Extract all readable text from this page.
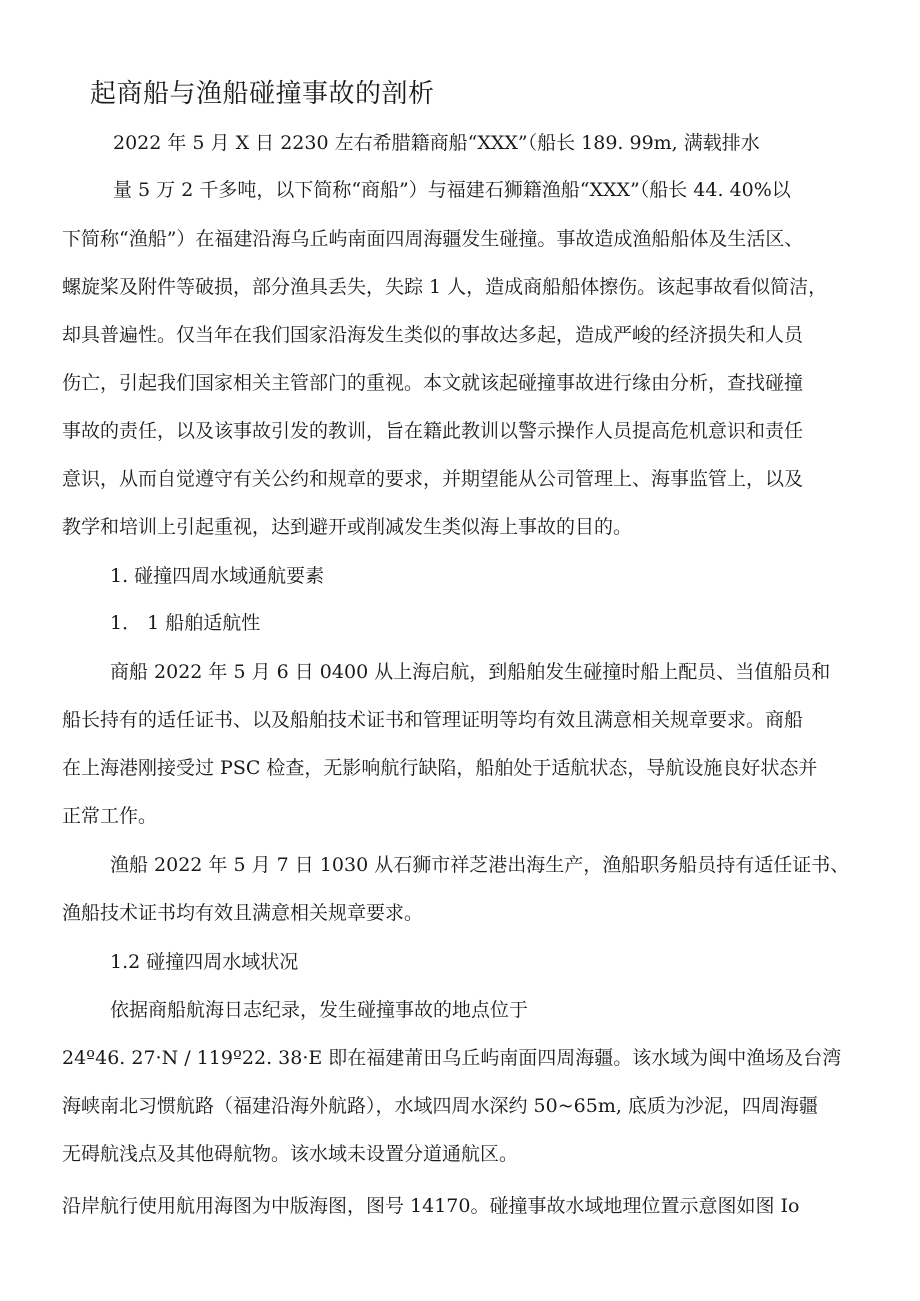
起商船与渔船碰撞事故的剖析
2022 年 5 月 X 日 2230 左右希腊籍商船“XXX”（船长 189. 99m, 满载排水
量 5 万 2 千多吨，以下简称“商船”）与福建石狮籍渔船“XXX”（船长 44. 40%以
下简称“渔船”）在福建沿海乌丘屿南面四周海疆发生碰撞。事故造成渔船船体及生活区、
螺旋桨及附件等破损，部分渔具丢失，失踪 1 人，造成商船船体擦伤。该起事故看似简洁，
却具普遍性。仅当年在我们国家沿海发生类似的事故达多起，造成严峻的经济损失和人员
伤亡，引起我们国家相关主管部门的重视。本文就该起碰撞事故进行缘由分析，查找碰撞
事故的责任，以及该事故引发的教训，旨在籍此教训以警示操作人员提高危机意识和责任
意识，从而自觉遵守有关公约和规章的要求，并期望能从公司管理上、海事监管上，以及
教学和培训上引起重视，达到避开或削减发生类似海上事故的目的。
1. 碰撞四周水域通航要素
1． 1 船舶适航性
商船 2022 年 5 月 6 日 0400 从上海启航，到船舶发生碰撞时船上配员、当值船员和
船长持有的适任证书、以及船舶技术证书和管理证明等均有效且满意相关规章要求。商船
在上海港刚接受过 PSC 检查，无影响航行缺陷，船舶处于适航状态，导航设施良好状态并
正常工作。
渔船 2022 年 5 月 7 日 1030 从石狮市祥芝港出海生产，渔船职务船员持有适任证书、
渔船技术证书均有效且满意相关规章要求。
1.2 碰撞四周水域状况
依据商船航海日志纪录，发生碰撞事故的地点位于
24º46. 27·N / 119º22. 38·E 即在福建莆田乌丘屿南面四周海疆。该水域为闽中渔场及台湾
海峡南北习惯航路（福建沿海外航路），水域四周水深约 50~65m, 底质为沙泥，四周海疆
无碍航浅点及其他碍航物。该水域未设置分道通航区。
沿岸航行使用航用海图为中版海图，图号 14170。碰撞事故水域地理位置示意图如图 Io
